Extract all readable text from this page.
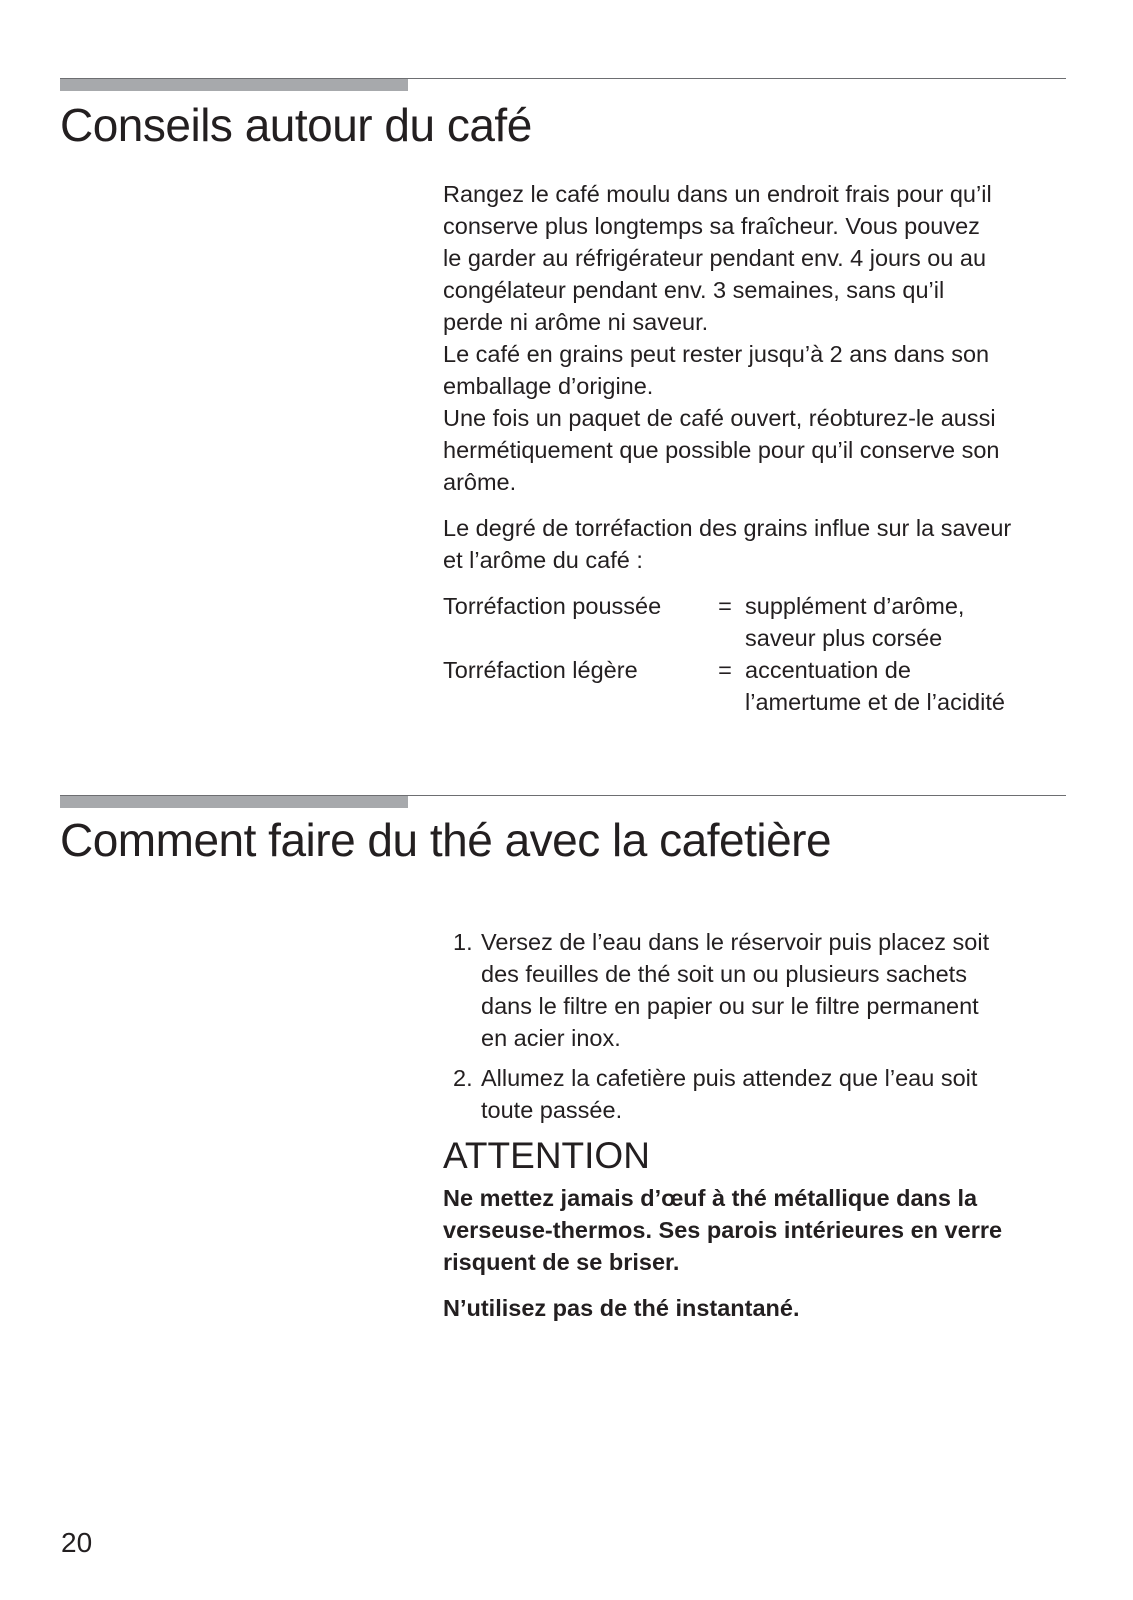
Conseils autour du café

Rangez le café moulu dans un endroit frais pour qu’il
conserve plus longtemps sa fraîcheur. Vous pouvez
le garder au réfrigérateur pendant env. 4 jours ou au
congélateur pendant env. 3 semaines, sans qu’il
perde ni arôme ni saveur.
Le café en grains peut rester jusqu’à 2 ans dans son
emballage d’origine.
Une fois un paquet de café ouvert, réobturez-le aussi
hermétiquement que possible pour qu’il conserve son
arôme.

Le degré de torréfaction des grains influe sur la saveur
et l’arôme du café :

Torréfaction poussée	= supplément d’arôme,
saveur plus corsée
Torréfaction légère	= accentuation de
l’amertume et de l’acidité
Comment faire du thé avec la cafetière
1. Versez de l’eau dans le réservoir puis placez soit
des feuilles de thé soit un ou plusieurs sachets
dans le filtre en papier ou sur le filtre permanent
en acier inox.
2. Allumez la cafetière puis attendez que l’eau soit
toute passée.
ATTENTION

Ne mettez jamais d’œuf à thé métallique dans la
verseuse-thermos. Ses parois intérieures en verre
risquent de se briser.

N’utilisez pas de thé instantané.

20
